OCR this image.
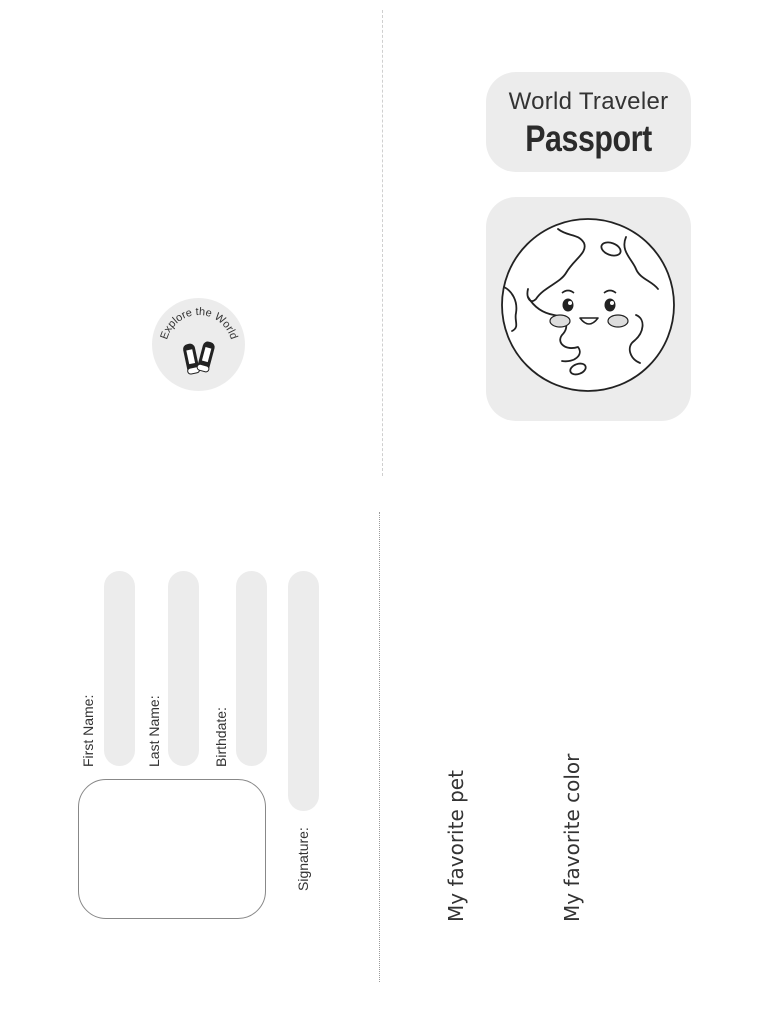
World Traveler
Passport
Explore the World
First Name:	Last Name:	Birthdate:
Signature:	My favorite pet	My favorite color
